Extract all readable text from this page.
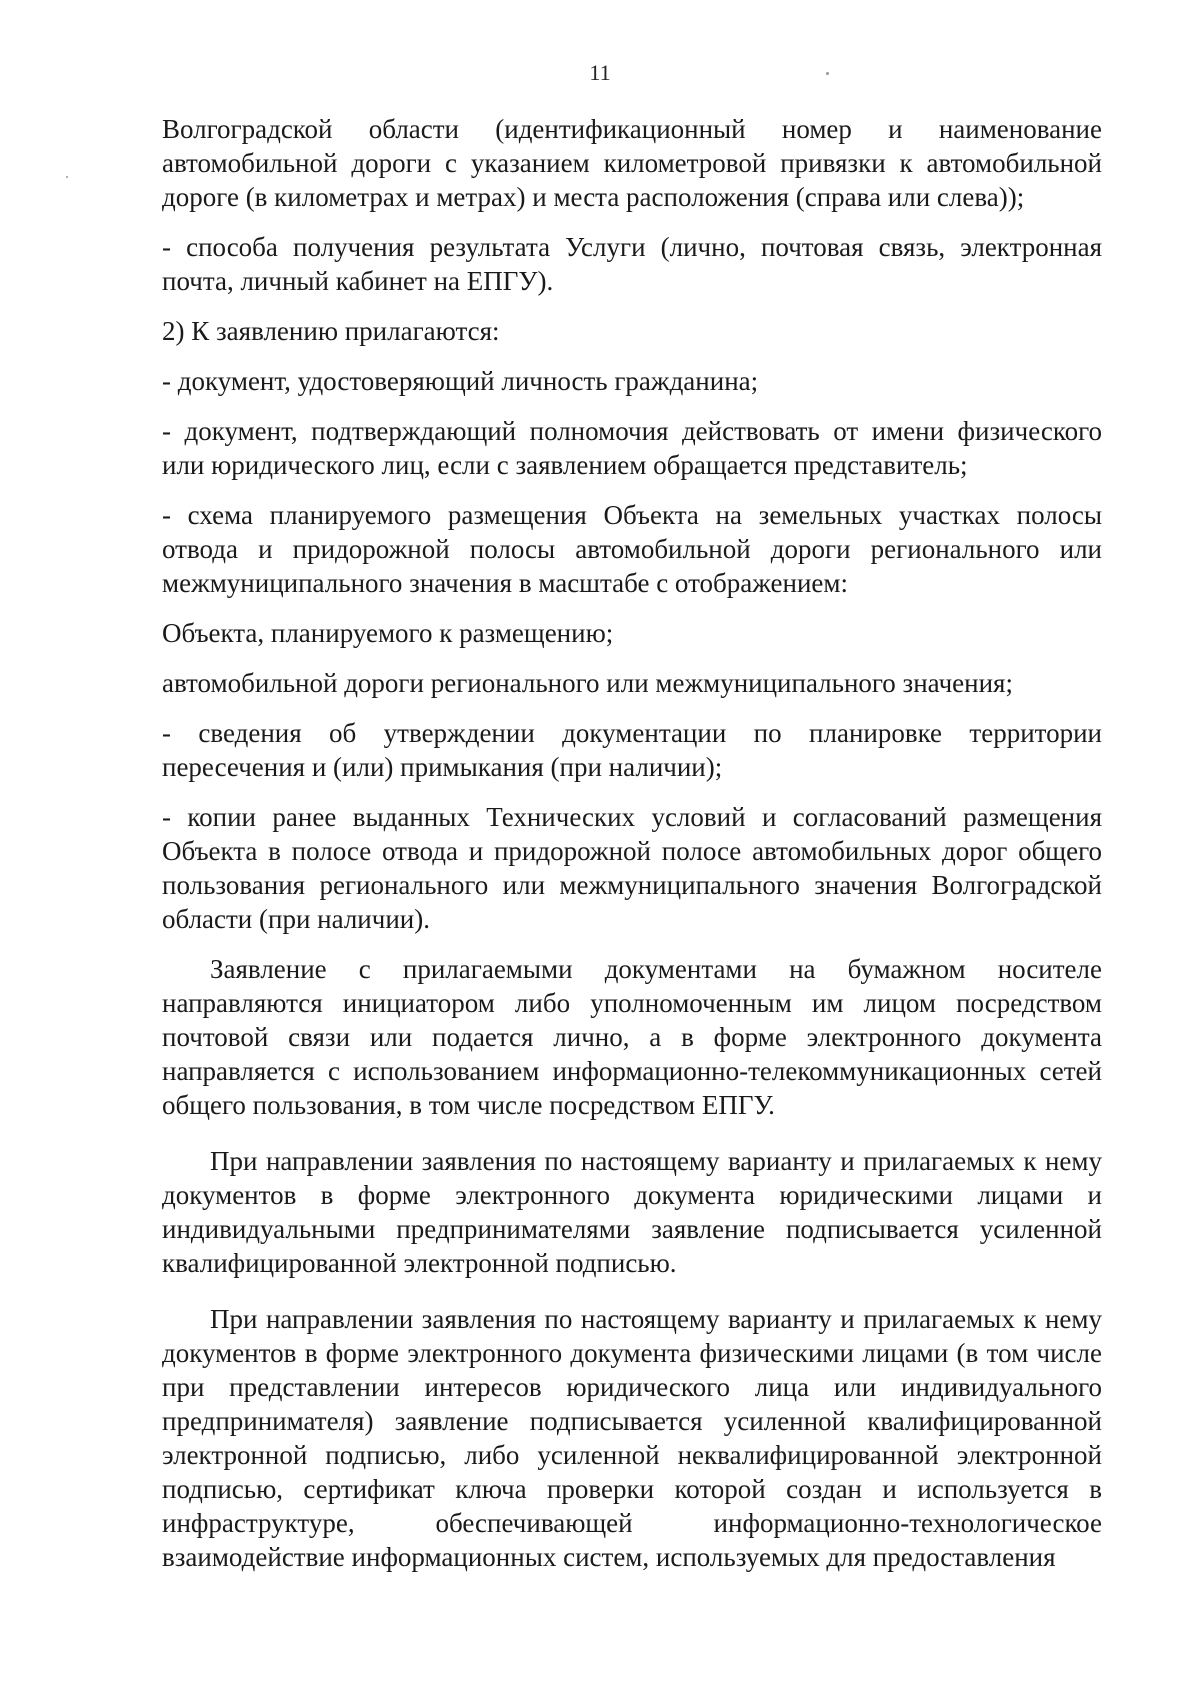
11

Волгоградской области (идентификационный номер и наименование автомобильной дороги с указанием километровой привязки к автомобильной дороге (в километрах и метрах) и места расположения (справа или слева));

- способа получения результата Услуги (лично, почтовая связь, электронная почта, личный кабинет на ЕПГУ).

2) К заявлению прилагаются:

- документ, удостоверяющий личность гражданина;

- документ, подтверждающий полномочия действовать от имени физического или юридического лиц, если с заявлением обращается представитель;

- схема планируемого размещения Объекта на земельных участках полосы отвода и придорожной полосы автомобильной дороги регионального или межмуниципального значения в масштабе с отображением:

Объекта, планируемого к размещению;

автомобильной дороги регионального или межмуниципального значения;

- сведения об утверждении документации по планировке территории пересечения и (или) примыкания (при наличии);

- копии ранее выданных Технических условий и согласований размещения Объекта в полосе отвода и придорожной полосе автомобильных дорог общего пользования регионального или межмуниципального значения Волгоградской области (при наличии).

Заявление с прилагаемыми документами на бумажном носителе направляются инициатором либо уполномоченным им лицом посредством почтовой связи или подается лично, а в форме электронного документа направляется с использованием информационно-телекоммуникационных сетей общего пользования, в том числе посредством ЕПГУ.

При направлении заявления по настоящему варианту и прилагаемых к нему документов в форме электронного документа юридическими лицами и индивидуальными предпринимателями заявление подписывается усиленной квалифицированной электронной подписью.

При направлении заявления по настоящему варианту и прилагаемых к нему документов в форме электронного документа физическими лицами (в том числе при представлении интересов юридического лица или индивидуального предпринимателя) заявление подписывается усиленной квалифицированной электронной подписью, либо усиленной неквалифицированной электронной подписью, сертификат ключа проверки которой создан и используется в инфраструктуре, обеспечивающей информационно-технологическое взаимодействие информационных систем, используемых для предоставления
